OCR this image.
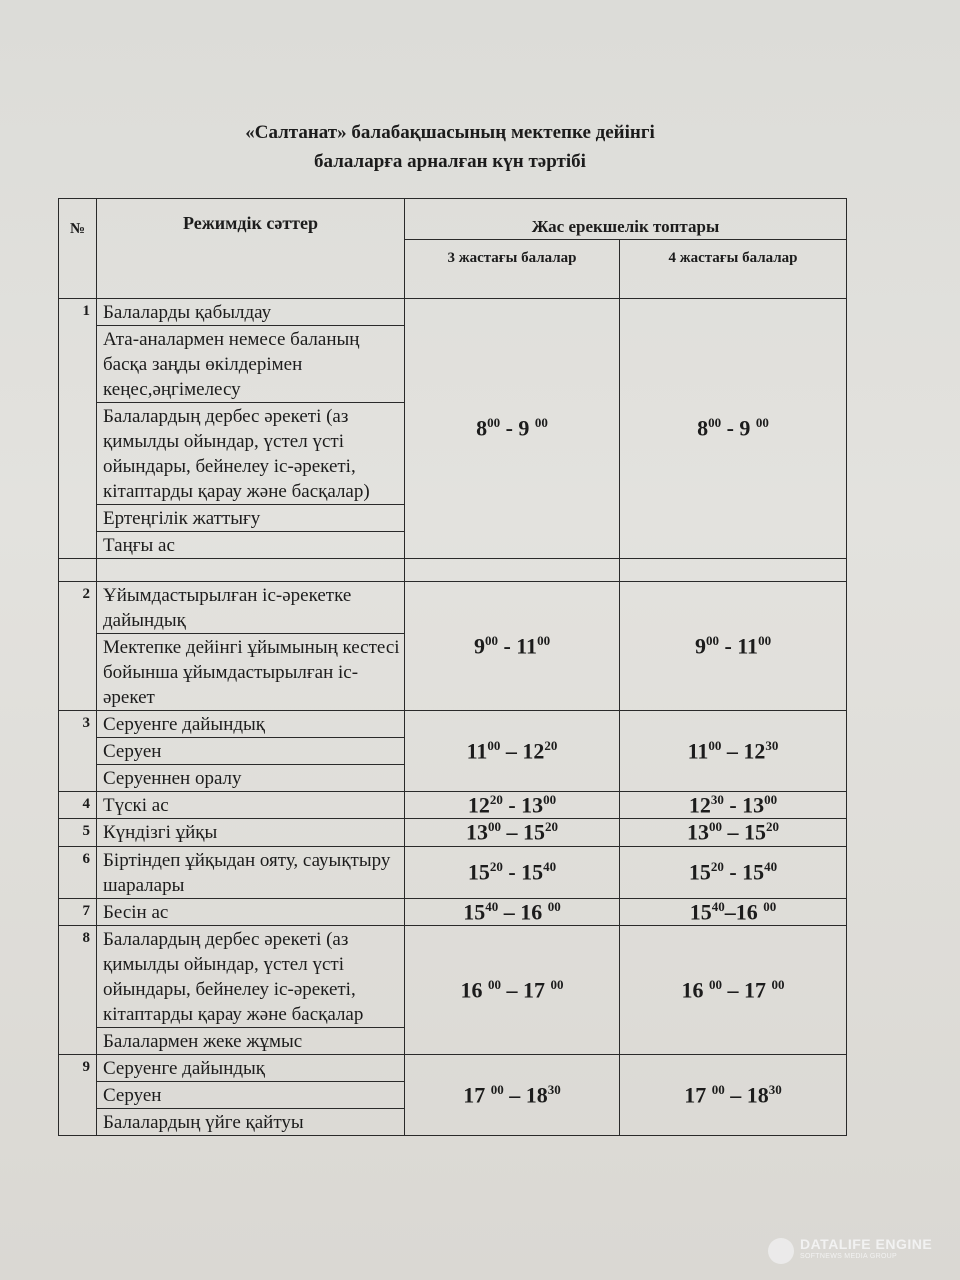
«Салтанат» балабақшасының мектепке дейінгі
балаларға арналған күн тәртібі
№	Режимдік сәттер	Жас ерекшелік топтары	
		3 жастағы балалар	4 жастағы балалар
1	Балаларды қабылдау
Ата-аналармен немесе баланың басқа заңды өкілдерімен кеңес,әңгімелесу
Балалардың дербес әрекеті (аз қимылды ойындар, үстел үсті ойындары, бейнелеу іс-әрекеті, кітаптарды қарау және басқалар)
Ертеңгілік жаттығу
Таңғы ас	$8^{00} - 9$ $^{00}$	$8^{00} - 9$ $^{00}$

2	Ұйымдастырылған іс-әрекетке дайындық
Мектепке дейінгі ұйымының кестесі бойынша ұйымдастырылған іс-әрекет	$9^{00} - 11^{00}$	$9^{00} - 11^{00}$
3	Серуенге дайындық
Серуен
Серуеннен оралу	$11^{00} - 12^{20}$	$11^{00} - 12^{30}$
4	Түскі ас	$12^{20} - 13^{00}$	$12^{30} - 13^{00}$
5	Күндізгі ұйқы	$13^{00} - 15^{20}$	$13^{00} - 15^{20}$
6	Біртіндеп ұйқыдан ояту, сауықтыру шаралары	$15^{20} - 15^{40}$	$15^{20} - 15^{40}$
7	Бесін ас	$15^{40} - 16$ $^{00}$	$15^{40}-16$ $^{00}$
8	Балалардың дербес әрекеті (аз қимылды ойындар, үстел үсті ойындары, бейнелеу іс-әрекеті, кітаптарды қарау және басқалар
Балалармен жеке жұмыс	16 $^{00}$ – 17 $^{00}$	16 $^{00}$ – 17 $^{00}$
9	Серуенге дайындық
Серуен
Балалардың үйге қайтуы	17 $^{00} - 18^{30}$	17 $^{00} - 18^{30}$
DATALIFE ENGINE
SOFTNEWS MEDIA GROUP
